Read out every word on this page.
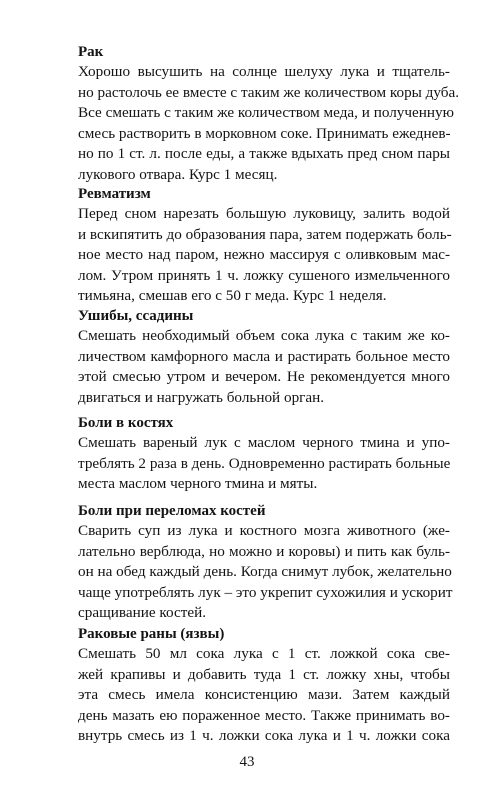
Рак
Хорошо высушить на солнце шелуху лука и тщатель-
но растолочь ее вместе с таким же количеством коры дуба.
Все смешать с таким же количеством меда, и полученную
смесь растворить в морковном соке. Принимать ежеднев-
но по 1 ст. л. после еды, а также вдыхать пред сном пары
лукового отвара. Курс 1 месяц.
Ревматизм
Перед сном нарезать большую луковицу, залить водой
и вскипятить до образования пара, затем подержать боль-
ное место над паром, нежно массируя с оливковым мас-
лом. Утром принять 1 ч. ложку сушеного измельченного
тимьяна, смешав его с 50 г меда. Курс 1 неделя.
Ушибы, ссадины
Смешать необходимый объем сока лука с таким же ко-
личеством камфорного масла и растирать больное место
этой смесью утром и вечером. Не рекомендуется много
двигаться и нагружать больной орган.
Боли в костях
Смешать вареный лук с маслом черного тмина и упо-
треблять 2 раза в день. Одновременно растирать больные
места маслом черного тмина и мяты.
Боли при переломах костей
Сварить суп из лука и костного мозга животного (же-
лательно верблюда, но можно и коровы) и пить как буль-
он на обед каждый день. Когда снимут лубок, желательно
чаще употреблять лук – это укрепит сухожилия и ускорит
сращивание костей.
Раковые раны (язвы)
Смешать 50 мл сока лука с 1 ст. ложкой сока све-
жей крапивы и добавить туда 1 ст. ложку хны, чтобы
эта смесь имела консистенцию мази. Затем каждый
день мазать ею пораженное место. Также принимать во-
внутрь смесь из 1 ч. ложки сока лука и 1 ч. ложки сока
43
